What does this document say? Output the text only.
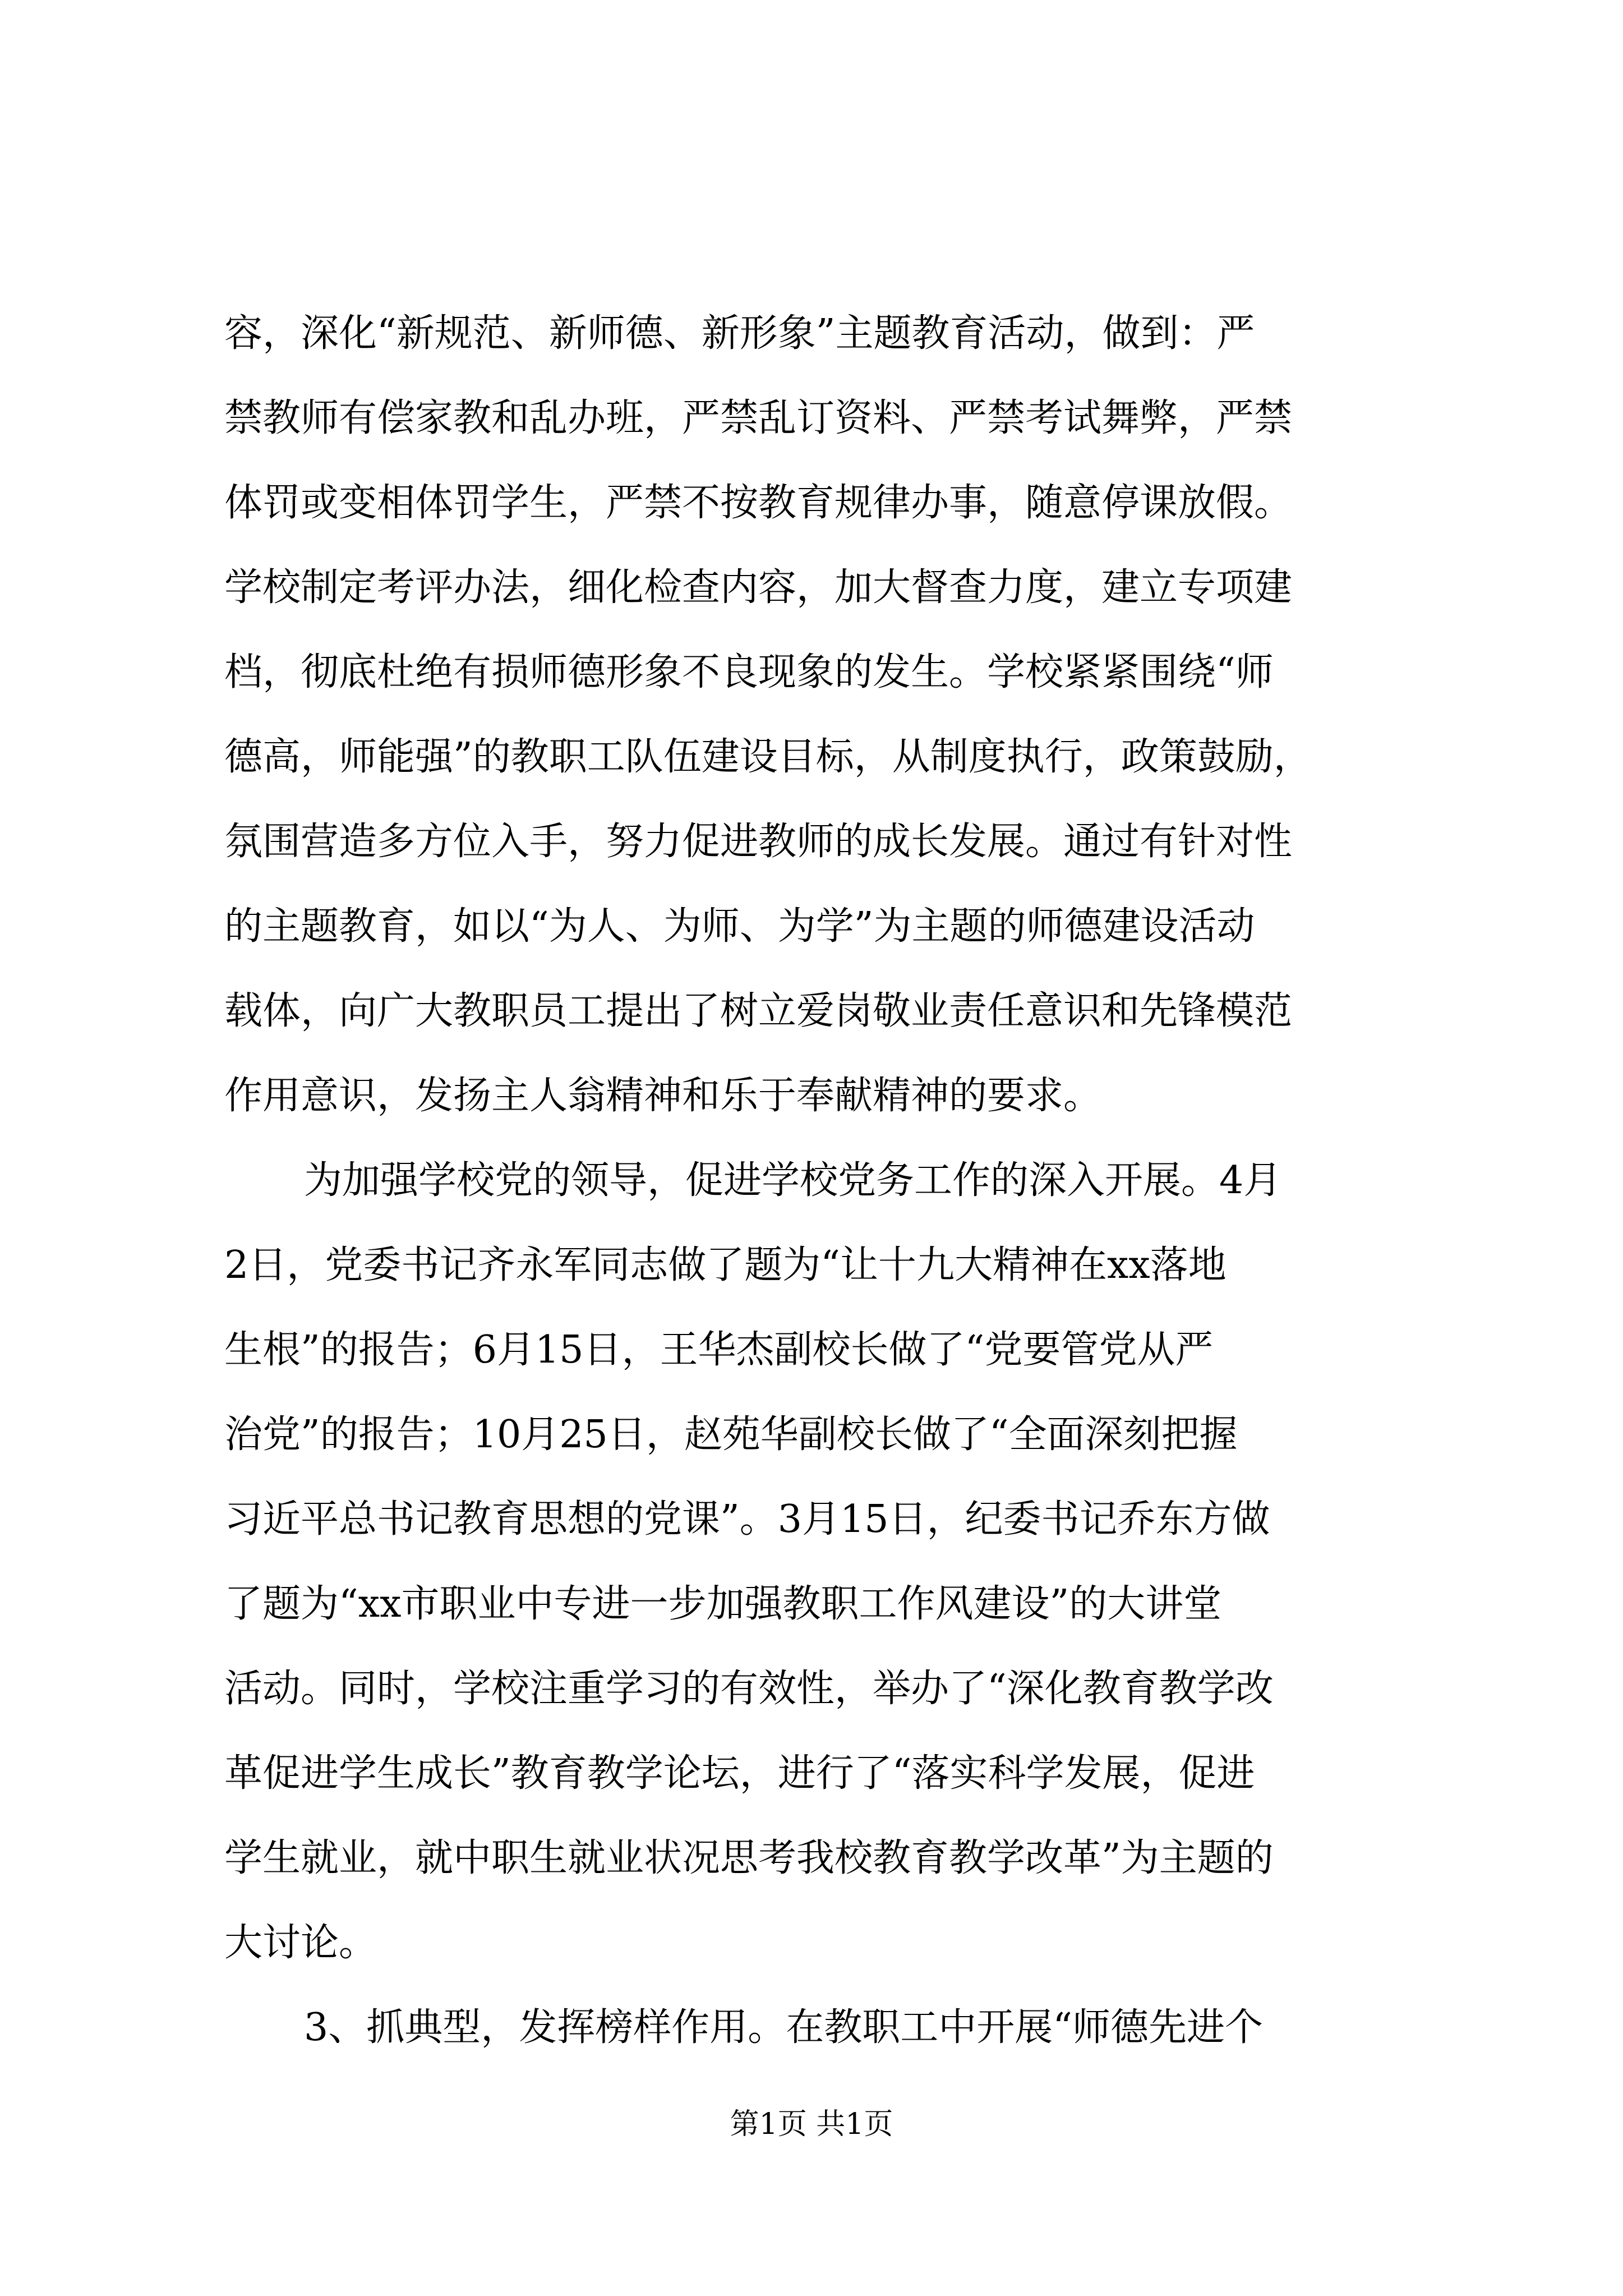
容，深化“新规范、新师德、新形象”主题教育活动，做到：严
禁教师有偿家教和乱办班，严禁乱订资料、严禁考试舞弊，严禁
体罚或变相体罚学生，严禁不按教育规律办事，随意停课放假。
学校制定考评办法，细化检查内容，加大督查力度，建立专项建
档，彻底杜绝有损师德形象不良现象的发生。学校紧紧围绕“师
德高，师能强”的教职工队伍建设目标，从制度执行，政策鼓励，
氛围营造多方位入手，努力促进教师的成长发展。通过有针对性
的主题教育，如以“为人、为师、为学”为主题的师德建设活动
载体，向广大教职员工提出了树立爱岗敬业责任意识和先锋模范
作用意识，发扬主人翁精神和乐于奉献精神的要求。
为加强学校党的领导，促进学校党务工作的深入开展。4月
2日，党委书记齐永军同志做了题为“让十九大精神在xx落地
生根”的报告；6月15日，王华杰副校长做了“党要管党从严
治党”的报告；10月25日，赵苑华副校长做了“全面深刻把握
习近平总书记教育思想的党课”。3月15日，纪委书记乔东方做
了题为“xx市职业中专进一步加强教职工作风建设”的大讲堂
活动。同时，学校注重学习的有效性，举办了“深化教育教学改
革促进学生成长”教育教学论坛，进行了“落实科学发展，促进
学生就业，就中职生就业状况思考我校教育教学改革”为主题的
大讨论。
3、抓典型，发挥榜样作用。在教职工中开展“师德先进个
第1页 共1页
